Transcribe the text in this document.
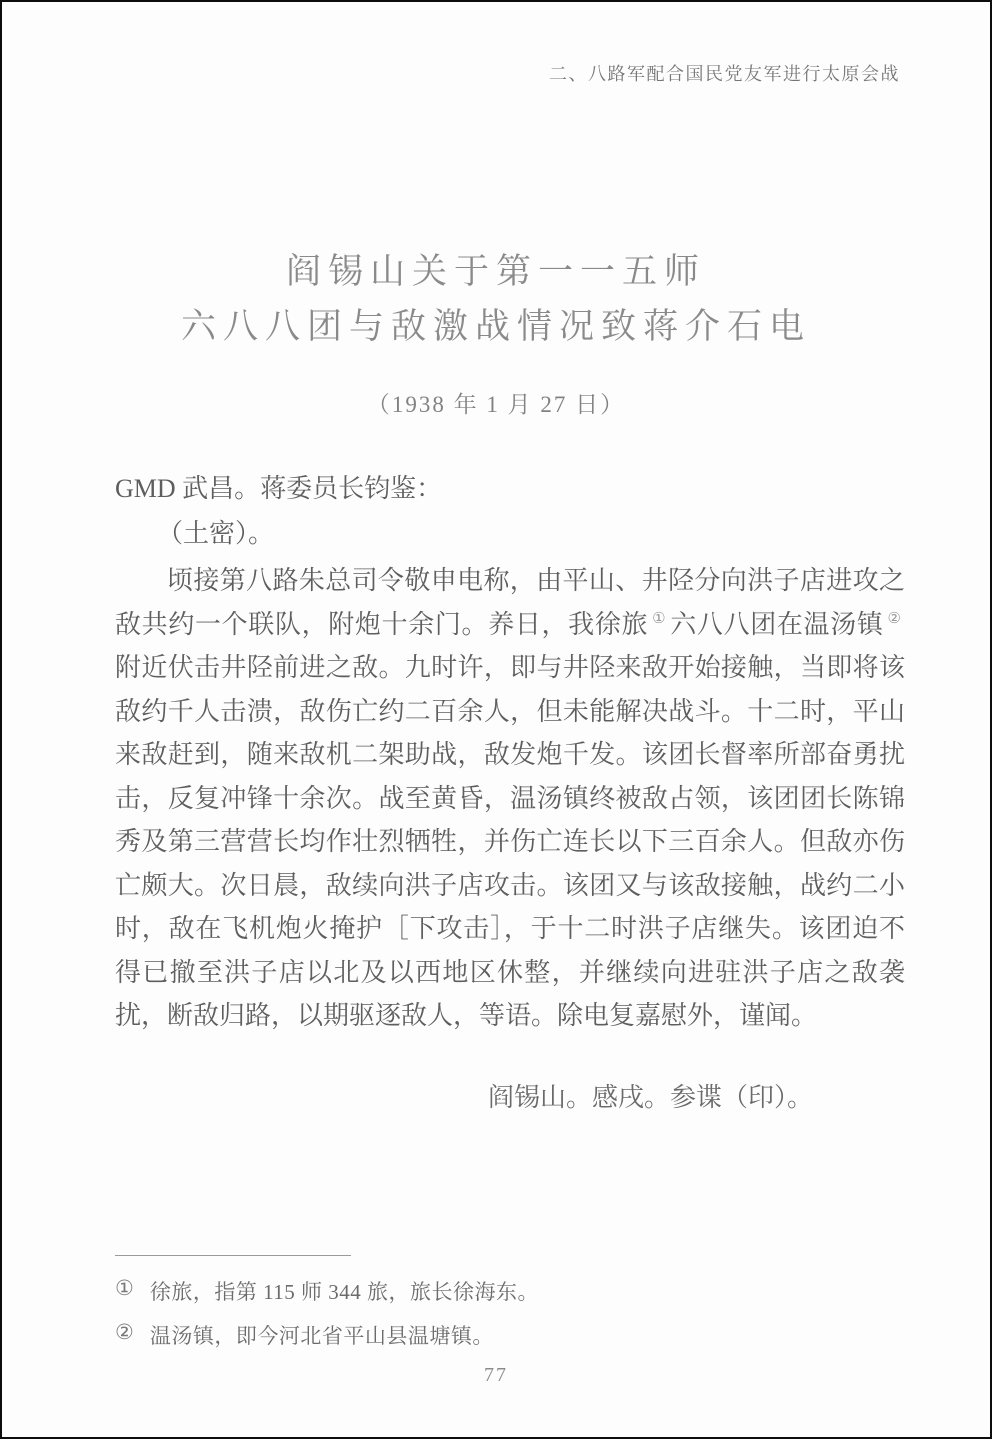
二、八路军配合国民党友军进行太原会战
阎锡山关于第一一五师
六八八团与敌激战情况致蒋介石电
（1938 年 1 月 27 日）
GMD 武昌。蒋委员长钧鉴：
（土密）。
顷接第八路朱总司令敬申电称，由平山、井陉分向洪子店进攻之敌共约一个联队，附炮十余门。养日，我徐旅 ① 六八八团在温汤镇 ②附近伏击井陉前进之敌。九时许，即与井陉来敌开始接触，当即将该敌约千人击溃，敌伤亡约二百余人，但未能解决战斗。十二时，平山来敌赶到，随来敌机二架助战，敌发炮千发。该团长督率所部奋勇扰击，反复冲锋十余次。战至黄昏，温汤镇终被敌占领，该团团长陈锦秀及第三营营长均作壮烈牺牲，并伤亡连长以下三百余人。但敌亦伤亡颇大。次日晨，敌续向洪子店攻击。该团又与该敌接触，战约二小时，敌在飞机炮火掩护［下攻击］，于十二时洪子店继失。该团迫不得已撤至洪子店以北及以西地区休整，并继续向进驻洪子店之敌袭扰，断敌归路，以期驱逐敌人，等语。除电复嘉慰外，谨闻。
阎锡山。感戌。参谍（印）。
① 徐旅，指第 115 师 344 旅，旅长徐海东。
② 温汤镇，即今河北省平山县温塘镇。
77
